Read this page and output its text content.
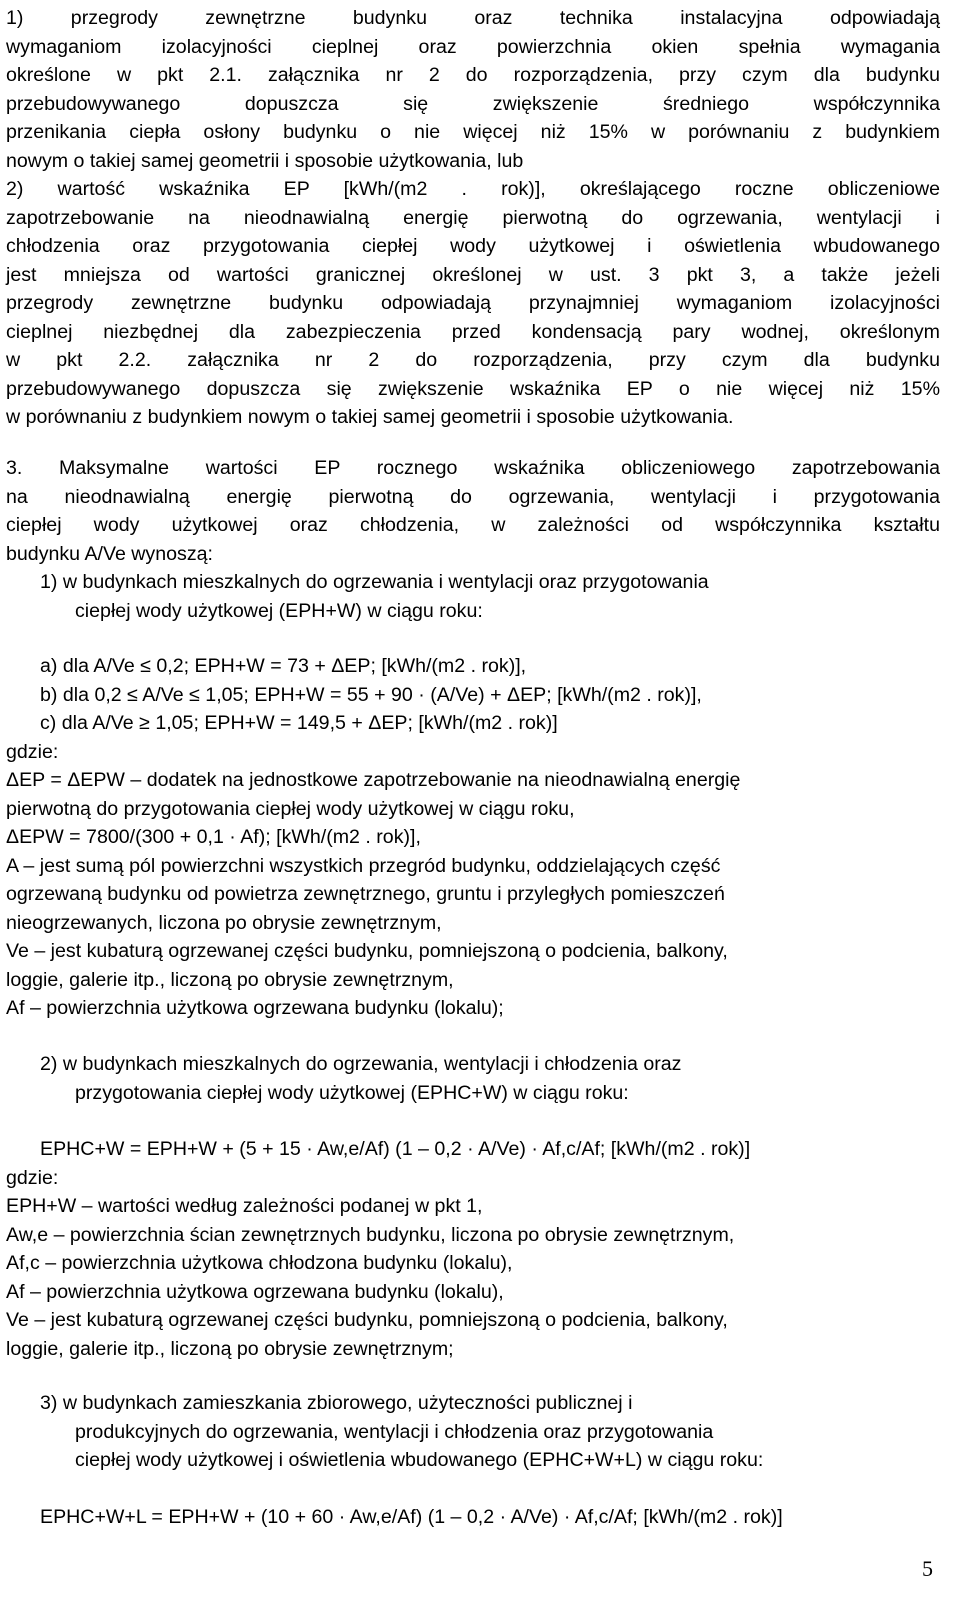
1) przegrody zewnętrzne budynku oraz technika instalacyjna odpowiadają
wymaganiom izolacyjności cieplnej oraz powierzchnia okien spełnia wymagania
określone w pkt 2.1. załącznika nr 2 do rozporządzenia, przy czym dla budynku
przebudowywanego dopuszcza się zwiększenie średniego współczynnika
przenikania ciepła osłony budynku o nie więcej niż 15% w porównaniu z budynkiem
nowym o takiej samej geometrii i sposobie użytkowania, lub
2) wartość wskaźnika EP [kWh/(m2 . rok)], określającego roczne obliczeniowe
zapotrzebowanie na nieodnawialną energię pierwotną do ogrzewania, wentylacji i
chłodzenia oraz przygotowania ciepłej wody użytkowej i oświetlenia wbudowanego
jest mniejsza od wartości granicznej określonej w ust. 3 pkt 3, a także jeżeli
przegrody zewnętrzne budynku odpowiadają przynajmniej wymaganiom izolacyjności
cieplnej niezbędnej dla zabezpieczenia przed kondensacją pary wodnej, określonym
w pkt 2.2. załącznika nr 2 do rozporządzenia, przy czym dla budynku
przebudowywanego dopuszcza się zwiększenie wskaźnika EP o nie więcej niż 15%
w porównaniu z budynkiem nowym o takiej samej geometrii i sposobie użytkowania.
3. Maksymalne wartości EP rocznego wskaźnika obliczeniowego zapotrzebowania
na nieodnawialną energię pierwotną do ogrzewania, wentylacji i przygotowania
ciepłej wody użytkowej oraz chłodzenia, w zależności od współczynnika kształtu
budynku A/Ve wynoszą:
1) w budynkach mieszkalnych do ogrzewania i wentylacji oraz przygotowania
ciepłej wody użytkowej (EPH+W) w ciągu roku:
a) dla A/Ve ≤ 0,2; EPH+W = 73 + ΔEP; [kWh/(m2 . rok)],
b) dla 0,2 ≤ A/Ve ≤ 1,05; EPH+W = 55 + 90 · (A/Ve) + ΔEP; [kWh/(m2 . rok)],
c) dla A/Ve ≥ 1,05; EPH+W = 149,5 + ΔEP; [kWh/(m2 . rok)]
gdzie:
ΔEP = ΔEPW – dodatek na jednostkowe zapotrzebowanie na nieodnawialną energię
pierwotną do przygotowania ciepłej wody użytkowej w ciągu roku,
ΔEPW = 7800/(300 + 0,1 · Af); [kWh/(m2 . rok)],
A – jest sumą pól powierzchni wszystkich przegród budynku, oddzielających część
ogrzewaną budynku od powietrza zewnętrznego, gruntu i przyległych pomieszczeń
nieogrzewanych, liczona po obrysie zewnętrznym,
Ve – jest kubaturą ogrzewanej części budynku, pomniejszoną o podcienia, balkony,
loggie, galerie itp., liczoną po obrysie zewnętrznym,
Af – powierzchnia użytkowa ogrzewana budynku (lokalu);
2) w budynkach mieszkalnych do ogrzewania, wentylacji i chłodzenia oraz
przygotowania ciepłej wody użytkowej (EPHC+W) w ciągu roku:
EPHC+W = EPH+W + (5 + 15 · Aw,e/Af) (1 – 0,2 · A/Ve) · Af,c/Af; [kWh/(m2 . rok)]
gdzie:
EPH+W – wartości według zależności podanej w pkt 1,
Aw,e – powierzchnia ścian zewnętrznych budynku, liczona po obrysie zewnętrznym,
Af,c – powierzchnia użytkowa chłodzona budynku (lokalu),
Af – powierzchnia użytkowa ogrzewana budynku (lokalu),
Ve – jest kubaturą ogrzewanej części budynku, pomniejszoną o podcienia, balkony,
loggie, galerie itp., liczoną po obrysie zewnętrznym;
3) w budynkach zamieszkania zbiorowego, użyteczności publicznej i
produkcyjnych do ogrzewania, wentylacji i chłodzenia oraz przygotowania
ciepłej wody użytkowej i oświetlenia wbudowanego (EPHC+W+L) w ciągu roku:
EPHC+W+L = EPH+W + (10 + 60 · Aw,e/Af) (1 – 0,2 · A/Ve) · Af,c/Af; [kWh/(m2 . rok)]
5
